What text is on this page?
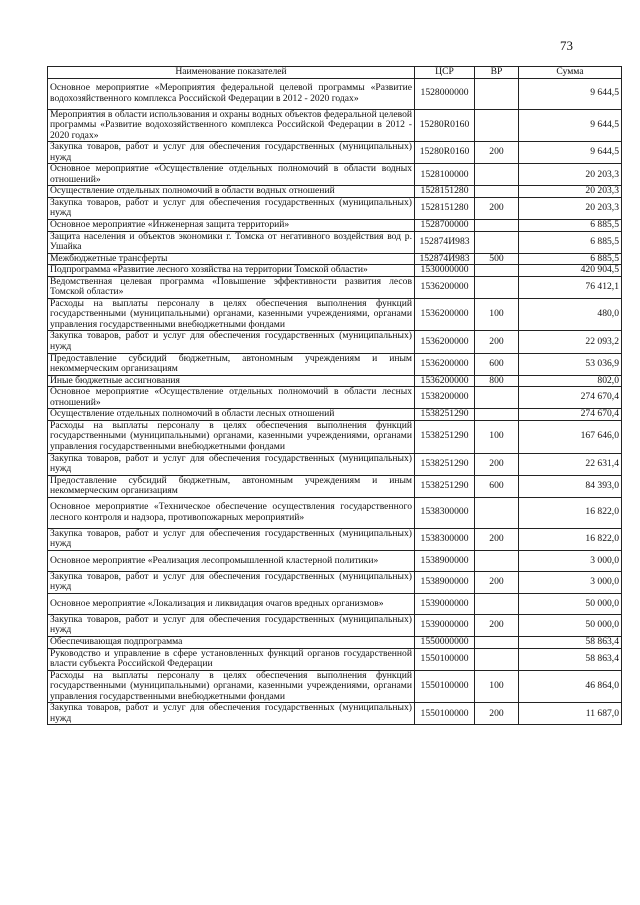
73
Наименование показателей	ЦСР	ВР	Сумма
Основное мероприятие «Мероприятия федеральной целевой программы «Развитие водохозяйственного комплекса Российской Федерации в 2012 - 2020 годах»	1528000000		9 644,5
Мероприятия в области использования и охраны водных объектов федеральной целевой программы «Развитие водохозяйственного комплекса Российской Федерации в 2012 - 2020 годах»	15280R0160		9 644,5
Закупка товаров, работ и услуг для обеспечения государственных (муниципальных) нужд	15280R0160	200	9 644,5
Основное мероприятие «Осуществление отдельных полномочий в области водных отношений»	1528100000		20 203,3
Осуществление отдельных полномочий в области водных отношений	1528151280		20 203,3
Закупка товаров, работ и услуг для обеспечения государственных (муниципальных) нужд	1528151280	200	20 203,3
Основное мероприятие «Инженерная защита территорий»	1528700000		6 885,5
Защита населения и объектов экономики г. Томска от негативного воздействия вод р. Ушайка	152874И983		6 885,5
Межбюджетные трансферты	152874И983	500	6 885,5
Подпрограмма «Развитие лесного хозяйства на территории Томской области»	1530000000		420 904,5
Ведомственная целевая программа «Повышение эффективности развития лесов Томской области»	1536200000		76 412,1
Расходы на выплаты персоналу в целях обеспечения выполнения функций государственными (муниципальными) органами, казенными учреждениями, органами управления государственными внебюджетными фондами	1536200000	100	480,0
Закупка товаров, работ и услуг для обеспечения государственных (муниципальных) нужд	1536200000	200	22 093,2
Предоставление субсидий бюджетным, автономным учреждениям и иным некоммерческим организациям	1536200000	600	53 036,9
Иные бюджетные ассигнования	1536200000	800	802,0
Основное мероприятие «Осуществление отдельных полномочий в области лесных отношений»	1538200000		274 670,4
Осуществление отдельных полномочий в области лесных отношений	1538251290		274 670,4
Расходы на выплаты персоналу в целях обеспечения выполнения функций государственными (муниципальными) органами, казенными учреждениями, органами управления государственными внебюджетными фондами	1538251290	100	167 646,0
Закупка товаров, работ и услуг для обеспечения государственных (муниципальных) нужд	1538251290	200	22 631,4
Предоставление субсидий бюджетным, автономным учреждениям и иным некоммерческим организациям	1538251290	600	84 393,0
Основное мероприятие «Техническое обеспечение осуществления государственного лесного контроля и надзора, противопожарных мероприятий»	1538300000		16 822,0
Закупка товаров, работ и услуг для обеспечения государственных (муниципальных) нужд	1538300000	200	16 822,0
Основное мероприятие «Реализация лесопромышленной кластерной политики»	1538900000		3 000,0
Закупка товаров, работ и услуг для обеспечения государственных (муниципальных) нужд	1538900000	200	3 000,0
Основное мероприятие «Локализация и ликвидация очагов вредных организмов»	1539000000		50 000,0
Закупка товаров, работ и услуг для обеспечения государственных (муниципальных) нужд	1539000000	200	50 000,0
Обеспечивающая подпрограмма	1550000000		58 863,4
Руководство и управление в сфере установленных функций органов государственной власти субъекта Российской Федерации	1550100000		58 863,4
Расходы на выплаты персоналу в целях обеспечения выполнения функций государственными (муниципальными) органами, казенными учреждениями, органами управления государственными внебюджетными фондами	1550100000	100	46 864,0
Закупка товаров, работ и услуг для обеспечения государственных (муниципальных) нужд	1550100000	200	11 687,0
